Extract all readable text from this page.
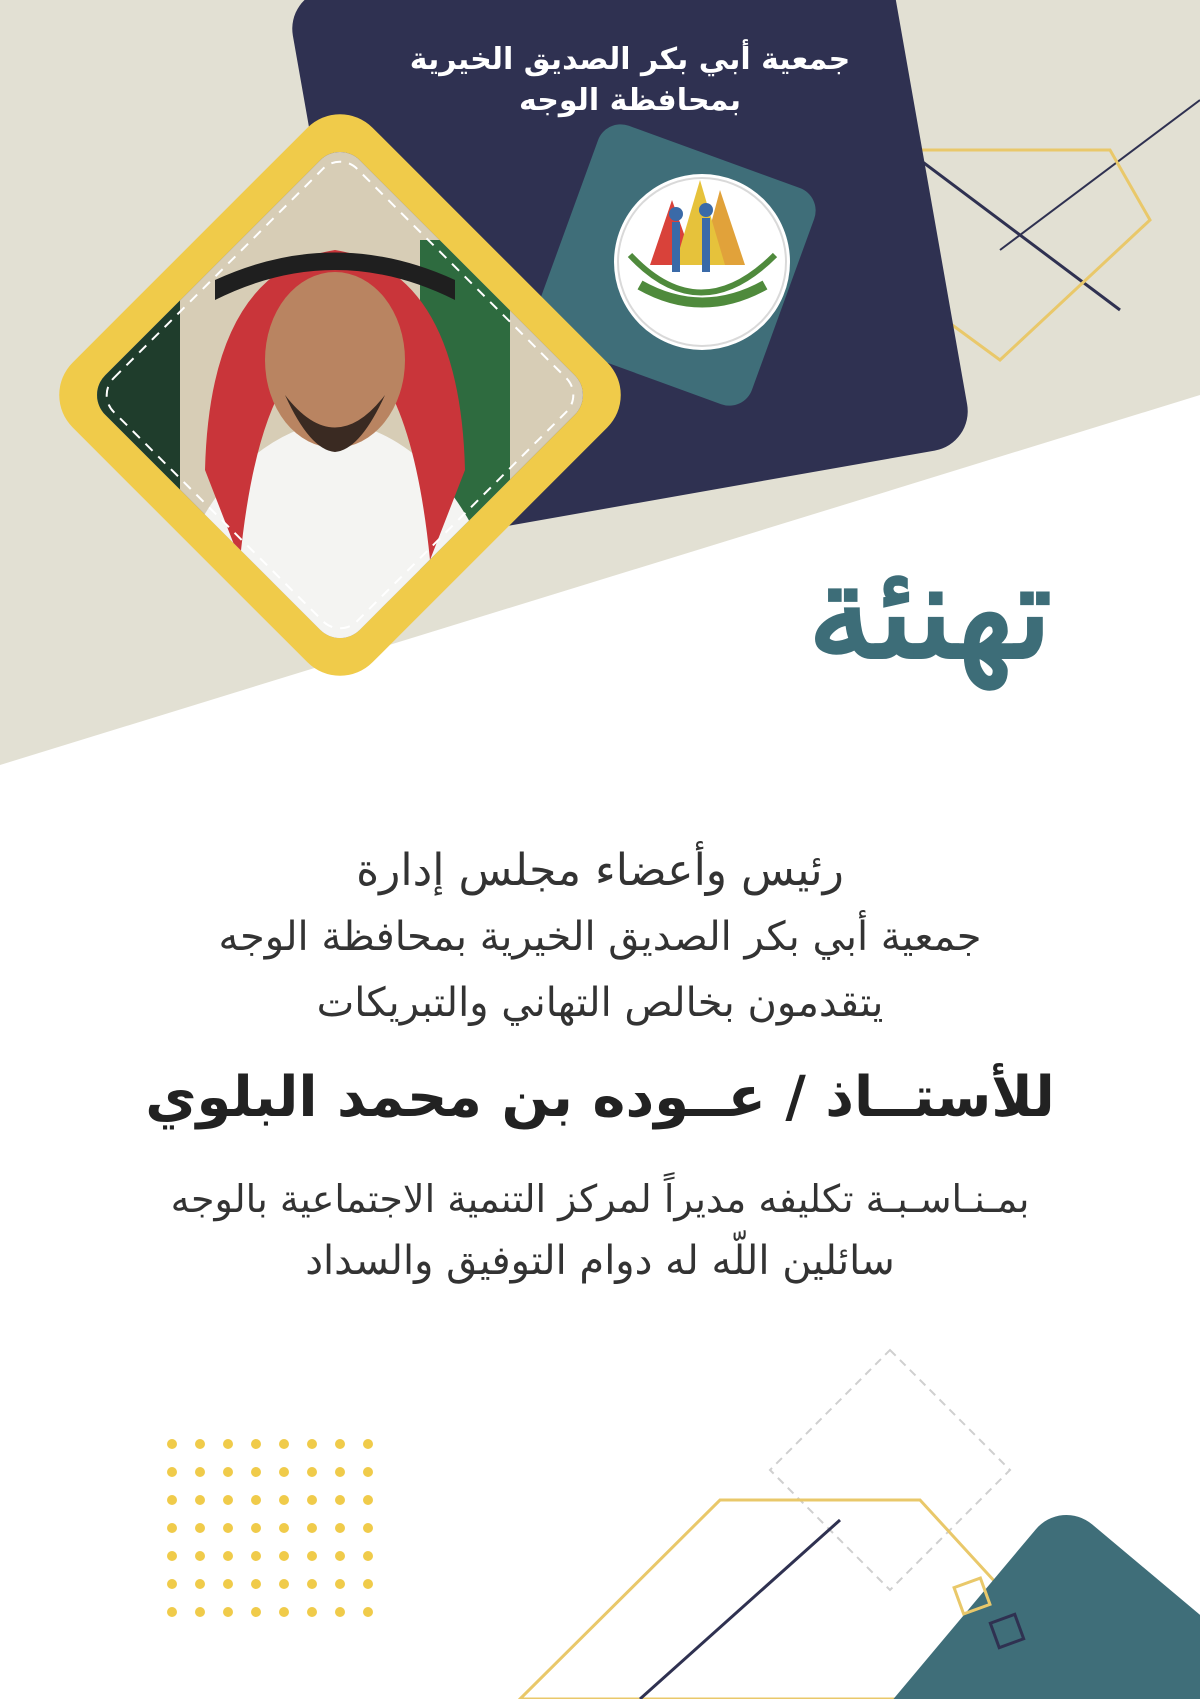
جمعية أبي بكر الصديق الخيرية
بمحافظة الوجه
تهنئة
رئيس وأعضاء مجلس إدارة
جمعية أبي بكر الصديق الخيرية بمحافظة الوجه
يتقدمون بخالص التهاني والتبريكات
للأستــاذ / عــوده بن محمد البلوي
بمـنـاسـبـة تكليفه مديراً لمركز التنمية الاجتماعية بالوجه
سائلين اللّه له دوام التوفيق والسداد
